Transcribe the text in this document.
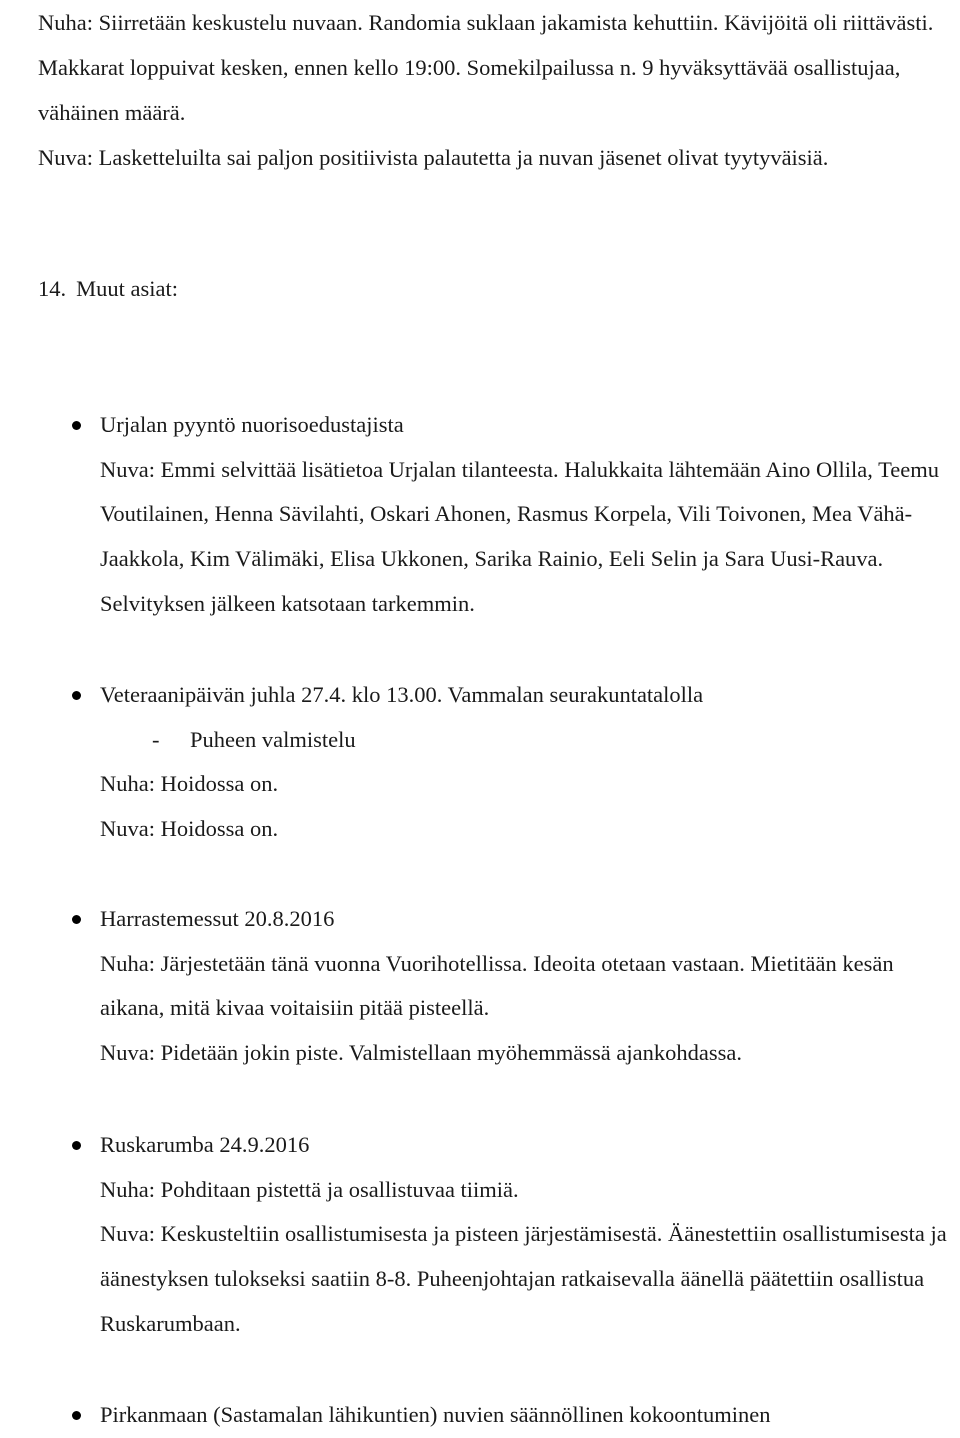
Nuha: Siirretään keskustelu nuvaan. Randomia suklaan jakamista kehuttiin. Kävijöitä oli riittävästi. Makkarat loppuivat kesken, ennen kello 19:00. Somekilpailussa n. 9 hyväksyttävää osallistujaa, vähäinen määrä.

Nuva: Lasketteluilta sai paljon positiivista palautetta ja nuvan jäsenet olivat tyytyväisiä.

14. Muut asiat:

Urjalan pyyntö nuorisoedustajista

Nuva: Emmi selvittää lisätietoa Urjalan tilanteesta. Halukkaita lähtemään Aino Ollila, Teemu Voutilainen, Henna Sävilahti, Oskari Ahonen, Rasmus Korpela, Vili Toivonen, Mea Vähä-Jaakkola, Kim Välimäki, Elisa Ukkonen, Sarika Rainio, Eeli Selin ja Sara Uusi-Rauva. Selvityksen jälkeen katsotaan tarkemmin.

Veteraanipäivän juhla 27.4. klo 13.00. Vammalan seurakuntatalolla

- Puheen valmistelu

Nuha: Hoidossa on.

Nuva: Hoidossa on.

Harrastemessut 20.8.2016

Nuha: Järjestetään tänä vuonna Vuorihotellissa. Ideoita otetaan vastaan. Mietitään kesän aikana, mitä kivaa voitaisiin pitää pisteellä.

Nuva: Pidetään jokin piste. Valmistellaan myöhemmässä ajankohdassa.

Ruskarumba 24.9.2016

Nuha: Pohditaan pistettä ja osallistuvaa tiimiä.

Nuva: Keskusteltiin osallistumisesta ja pisteen järjestämisestä. Äänestettiin osallistumisesta ja äänestyksen tulokseksi saatiin 8-8. Puheenjohtajan ratkaisevalla äänellä päätettiin osallistua Ruskarumbaan.

Pirkanmaan (Sastamalan lähikuntien) nuvien säännöllinen kokoontuminen
